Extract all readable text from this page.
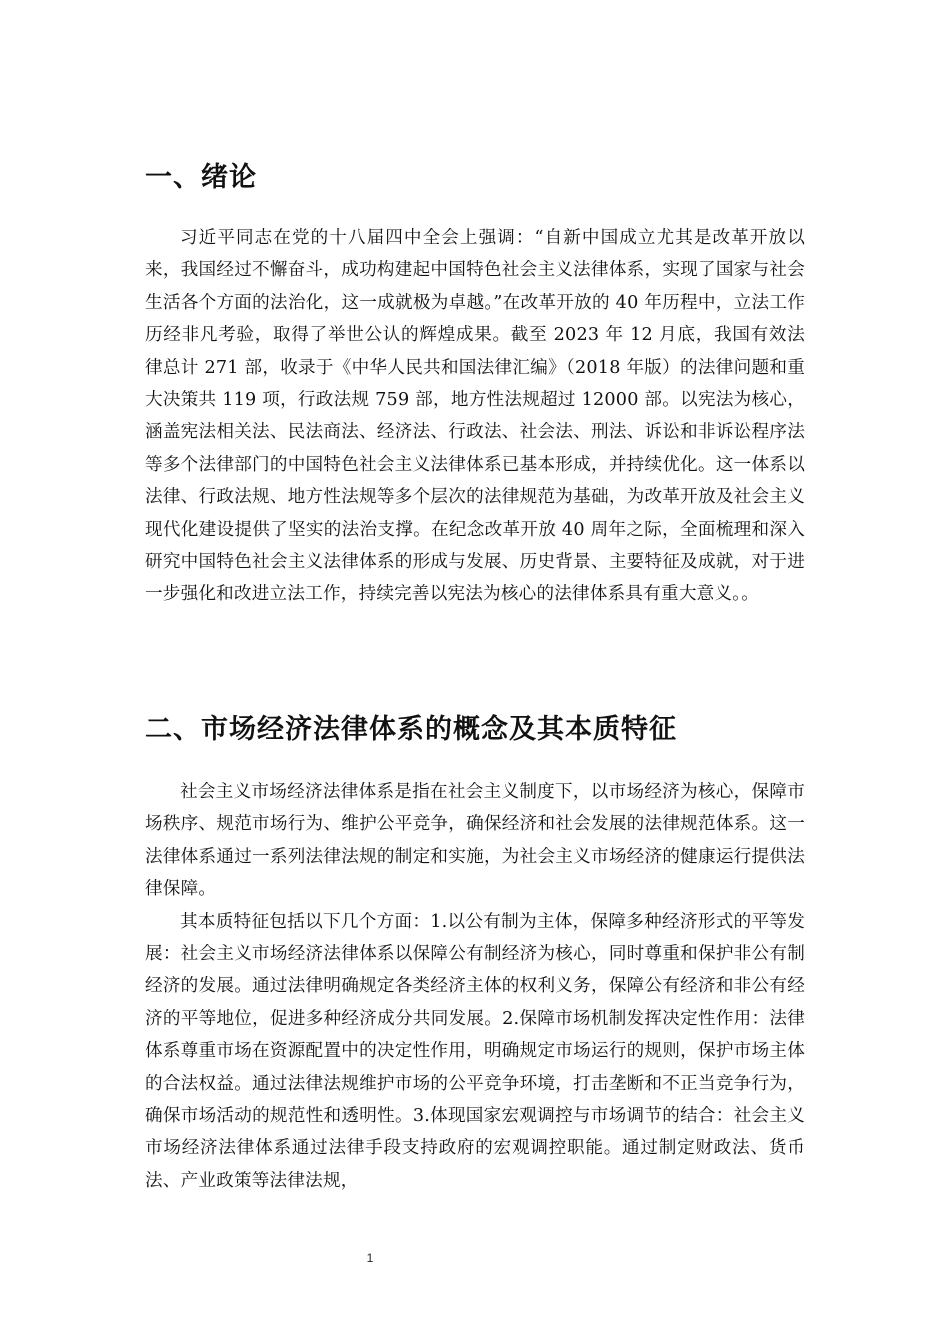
一、绪论

习近平同志在党的十八届四中全会上强调：“自新中国成立尤其是改革开放以来，我国经过不懈奋斗，成功构建起中国特色社会主义法律体系，实现了国家与社会生活各个方面的法治化，这一成就极为卓越。”在改革开放的 40 年历程中，立法工作历经非凡考验，取得了举世公认的辉煌成果。截至 2023 年 12 月底，我国有效法律总计 271 部，收录于《中华人民共和国法律汇编》（2018 年版）的法律问题和重大决策共 119 项，行政法规 759 部，地方性法规超过 12000 部。以宪法为核心，涵盖宪法相关法、民法商法、经济法、行政法、社会法、刑法、诉讼和非诉讼程序法等多个法律部门的中国特色社会主义法律体系已基本形成，并持续优化。这一体系以法律、行政法规、地方性法规等多个层次的法律规范为基础，为改革开放及社会主义现代化建设提供了坚实的法治支撑。在纪念改革开放 40 周年之际，全面梳理和深入研究中国特色社会主义法律体系的形成与发展、历史背景、主要特征及成就，对于进一步强化和改进立法工作，持续完善以宪法为核心的法律体系具有重大意义。。

二、市场经济法律体系的概念及其本质特征

社会主义市场经济法律体系是指在社会主义制度下，以市场经济为核心，保障市场秩序、规范市场行为、维护公平竞争，确保经济和社会发展的法律规范体系。这一法律体系通过一系列法律法规的制定和实施，为社会主义市场经济的健康运行提供法律保障。

其本质特征包括以下几个方面：1.以公有制为主体，保障多种经济形式的平等发展：社会主义市场经济法律体系以保障公有制经济为核心，同时尊重和保护非公有制经济的发展。通过法律明确规定各类经济主体的权利义务，保障公有经济和非公有经济的平等地位，促进多种经济成分共同发展。2.保障市场机制发挥决定性作用：法律体系尊重市场在资源配置中的决定性作用，明确规定市场运行的规则，保护市场主体的合法权益。通过法律法规维护市场的公平竞争环境，打击垄断和不正当竞争行为，确保市场活动的规范性和透明性。3.体现国家宏观调控与市场调节的结合：社会主义市场经济法律体系通过法律手段支持政府的宏观调控职能。通过制定财政法、货币法、产业政策等法律法规，

1
